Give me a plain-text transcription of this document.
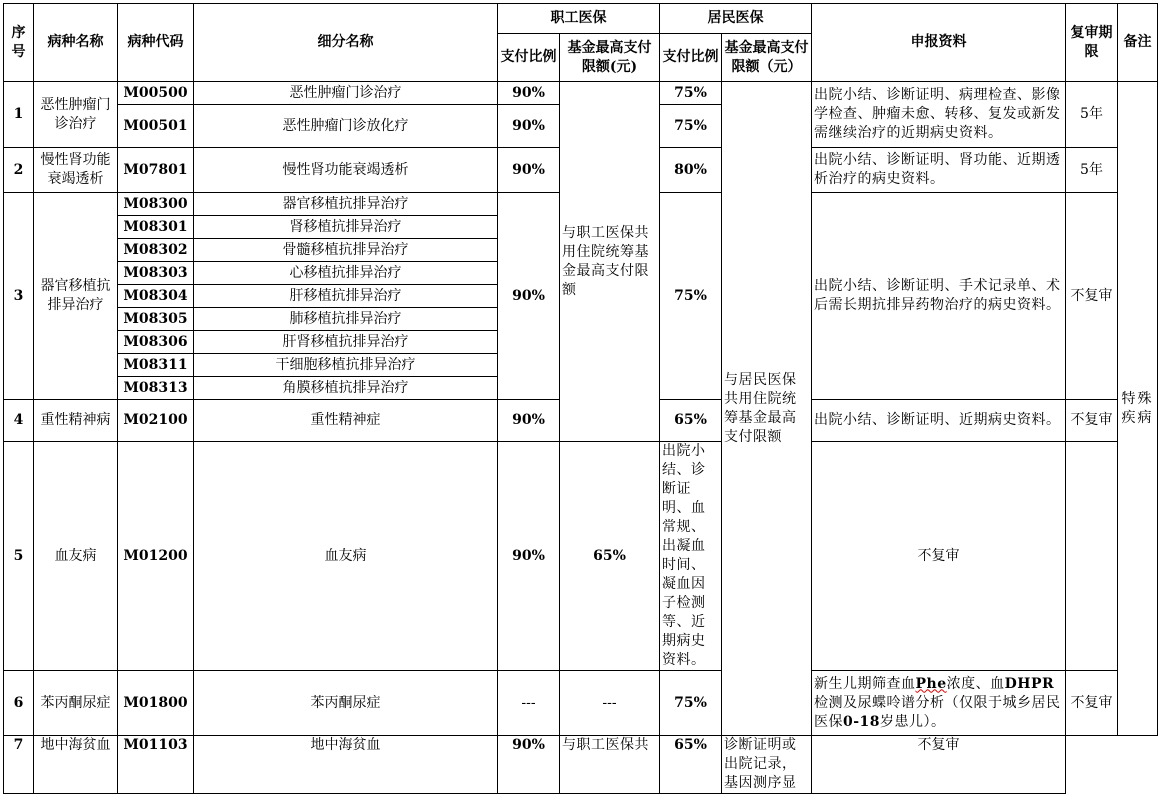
序号	病种名称	病种代码	细分名称	职工医保		居民医保		申报资料	复审期限	备注
				支付比例	基金最高支付限额(元)	支付比例	基金最高支付限额（元）			
1	恶性肿瘤门诊治疗	M00500	恶性肿瘤门诊治疗	90%	与职工医保共用住院统筹基金最高支付限额	75%	与居民医保共用住院统筹基金最高支付限额	出院小结、诊断证明、病理检查、影像学检查、肿瘤未愈、转移、复发或新发需继续治疗的近期病史资料。	5年	特殊疾病
		M00501	恶性肿瘤门诊放化疗	90%		75%				
2	慢性肾功能衰竭透析	M07801	慢性肾功能衰竭透析	90%		80%		出院小结、诊断证明、肾功能、近期透析治疗的病史资料。	5年	
3	器官移植抗排异治疗	M08300	器官移植抗排异治疗	90%		75%		出院小结、诊断证明、手术记录单、术后需长期抗排异药物治疗的病史资料。	不复审	
		M08301	肾移植抗排异治疗							
		M08302	骨髓移植抗排异治疗							
		M08303	心移植抗排异治疗							
		M08304	肝移植抗排异治疗							
		M08305	肺移植抗排异治疗							
		M08306	肝肾移植抗排异治疗							
		M08311	干细胞移植抗排异治疗							
		M08313	角膜移植抗排异治疗							
4	重性精神病	M02100	重性精神症	90%		65%		出院小结、诊断证明、近期病史资料。	不复审	
5	血友病	M01200	血友病	90%	65%	出院小结、诊断证明、血常规、出凝血时间、凝血因子检测等、近期病史资料。		不复审		
6	苯丙酮尿症	M01800	苯丙酮尿症	---	---	75%		新生儿期筛查血Phe浓度、血DHPR检测及尿蝶呤谱分析（仅限于城乡居民医保0-18岁患儿）。	不复审	
7	地中海贫血	M01103	地中海贫血	90%	与职工医保共	65%	诊断证明或出院记录，基因测序显	不复审		
